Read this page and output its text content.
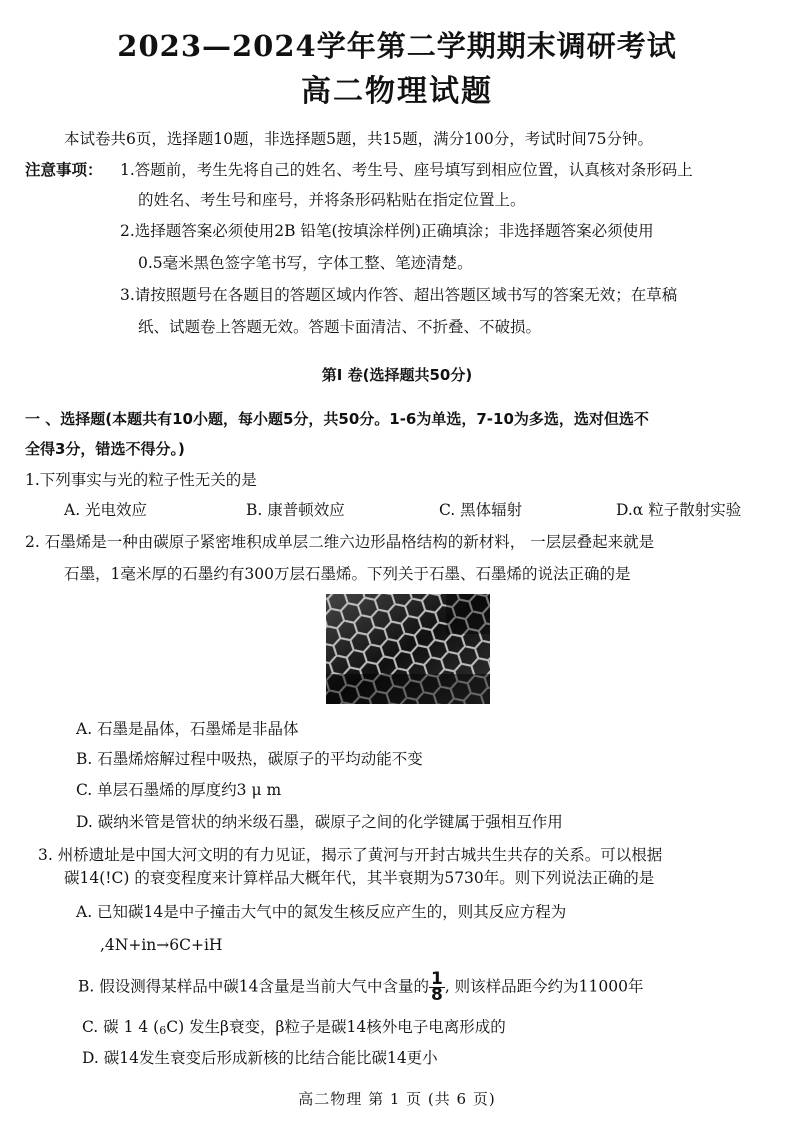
2023—2024学年第二学期期末调研考试
高二物理试题
本试卷共6页，选择题10题，非选择题5题，共15题，满分100分，考试时间75分钟。
注意事项： 1.答题前，考生先将自己的姓名、考生号、座号填写到相应位置，认真核对条形码上
的姓名、考生号和座号，并将条形码粘贴在指定位置上。
2.选择题答案必须使用2B 铅笔(按填涂样例)正确填涂；非选择题答案必须使用
0.5毫米黑色签字笔书写，字体工整、笔迹清楚。
3.请按照题号在各题目的答题区域内作答、超出答题区域书写的答案无效；在草稿
纸、试题卷上答题无效。答题卡面清洁、不折叠、不破损。
第I 卷(选择题共50分)
一 、选择题(本题共有10小题，每小题5分，共50分。1-6为单选，7-10为多选，选对但选不
全得3分，错选不得分。)
1.下列事实与光的粒子性无关的是
A. 光电效应	B. 康普顿效应	C. 黑体辐射	D.α 粒子散射实验
2. 石墨烯是一种由碳原子紧密堆积成单层二维六边形晶格结构的新材料， 一层层叠起来就是
石墨，1毫米厚的石墨约有300万层石墨烯。下列关于石墨、石墨烯的说法正确的是
A. 石墨是晶体，石墨烯是非晶体
B. 石墨烯熔解过程中吸热，碳原子的平均动能不变
C. 单层石墨烯的厚度约3 μ m
D. 碳纳米管是管状的纳米级石墨，碳原子之间的化学键属于强相互作用
3. 州桥遗址是中国大河文明的有力见证，揭示了黄河与开封古城共生共存的关系。可以根据
碳14(!C) 的衰变程度来计算样品大概年代，其半衰期为5730年。则下列说法正确的是
A. 已知碳14是中子撞击大气中的氮发生核反应产生的，则其反应方程为
,4N+in→6C+iH
B. 假设测得某样品中碳14含量是当前大气中含量的 $\frac{1}{8}$ , 则该样品距今约为11000年
C. 碳 1 4 (6C) 发生β衰变，β粒子是碳14核外电子电离形成的
D. 碳14发生衰变后形成新核的比结合能比碳14更小
高二物理 第 1 页 (共 6 页)
